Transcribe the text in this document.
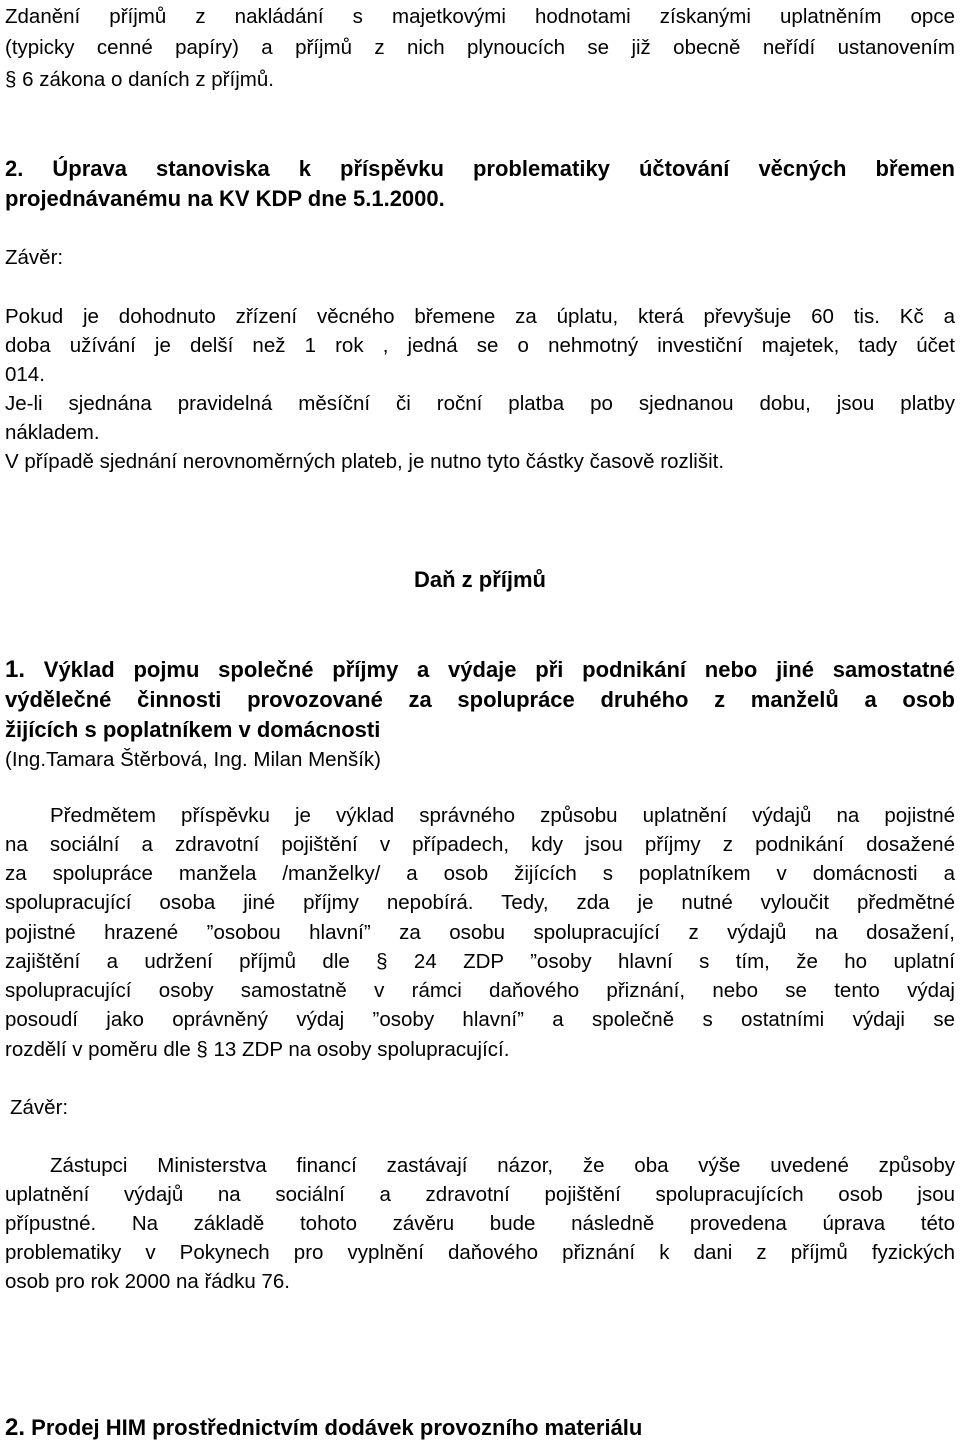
Zdanění příjmů z nakládání s majetkovými hodnotami získanými uplatněním opce
(typicky cenné papíry) a příjmů z nich plynoucích se již obecně neřídí ustanovením
§ 6 zákona o daních z příjmů.
2. Úprava stanoviska k příspěvku problematiky účtování věcných břemen
projednávanému na KV KDP dne 5.1.2000.
Závěr:
Pokud je dohodnuto zřízení věcného břemene za úplatu, která převyšuje 60 tis. Kč a
doba užívání je delší než 1 rok , jedná se o nehmotný investiční majetek, tady účet
014.
Je-li sjednána pravidelná měsíční či roční platba po sjednanou dobu, jsou platby
nákladem.
V případě sjednání nerovnoměrných plateb, je nutno tyto částky časově rozlišit.
Daň z příjmů
1. Výklad pojmu společné příjmy a výdaje při podnikání nebo jiné samostatné
výdělečné činnosti provozované za spolupráce druhého z manželů a osob
žijících s poplatníkem v domácnosti
(Ing.Tamara Štěrbová, Ing. Milan Menšík)
Předmětem příspěvku je výklad správného způsobu uplatnění výdajů na pojistné
na sociální a zdravotní pojištění v případech, kdy jsou příjmy z podnikání dosažené
za spolupráce manžela /manželky/ a osob žijících s poplatníkem v domácnosti a
spolupracující osoba jiné příjmy nepobírá. Tedy, zda je nutné vyloučit předmětné
pojistné hrazené ”osobou hlavní” za osobu spolupracující z výdajů na dosažení,
zajištění a udržení příjmů dle § 24 ZDP ”osoby hlavní s tím, že ho uplatní
spolupracující osoby samostatně v rámci daňového přiznání, nebo se tento výdaj
posoudí jako oprávněný výdaj ”osoby hlavní” a společně s ostatními výdaji se
rozdělí v poměru dle § 13 ZDP na osoby spolupracující.
Závěr:
Zástupci Ministerstva financí zastávají názor, že oba výše uvedené způsoby
uplatnění výdajů na sociální a zdravotní pojištění spolupracujících osob jsou
přípustné. Na základě tohoto závěru bude následně provedena úprava této
problematiky v Pokynech pro vyplnění daňového přiznání k dani z příjmů fyzických
osob pro rok 2000 na řádku 76.
2. Prodej HIM prostřednictvím dodávek provozního materiálu
